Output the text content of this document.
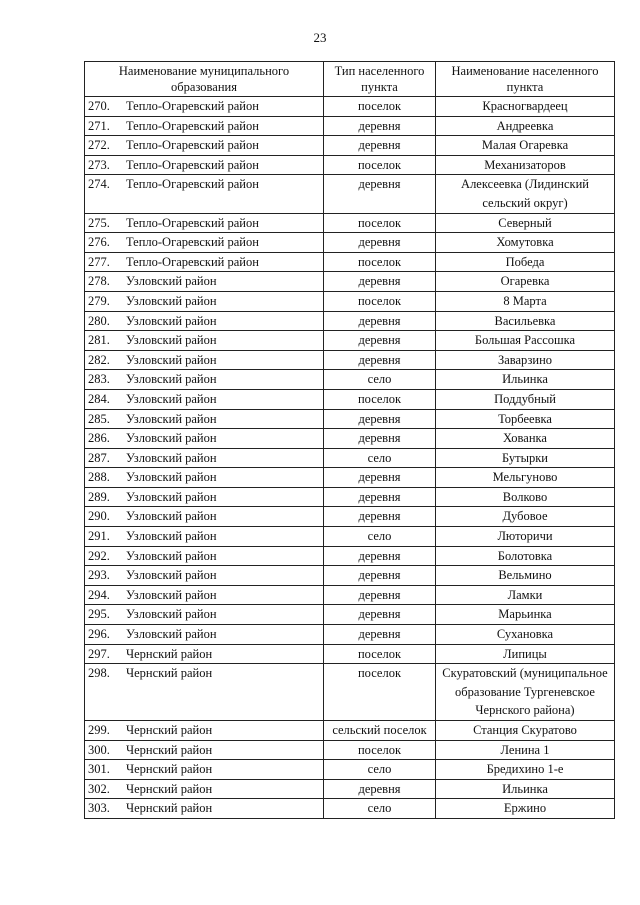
23
Наименование муниципального образования	Тип населенного пункта	Наименование населенного пункта
270. Тепло-Огаревский район	поселок	Красногвардеец
271. Тепло-Огаревский район	деревня	Андреевка
272. Тепло-Огаревский район	деревня	Малая Огаревка
273. Тепло-Огаревский район	поселок	Механизаторов
274. Тепло-Огаревский район	деревня	Алексеевка (Лидинский сельский округ)
275. Тепло-Огаревский район	поселок	Северный
276. Тепло-Огаревский район	деревня	Хомутовка
277. Тепло-Огаревский район	поселок	Победа
278. Узловский район	деревня	Огаревка
279. Узловский район	поселок	8 Марта
280. Узловский район	деревня	Васильевка
281. Узловский район	деревня	Большая Рассошка
282. Узловский район	деревня	Заварзино
283. Узловский район	село	Ильинка
284. Узловский район	поселок	Поддубный
285. Узловский район	деревня	Торбеевка
286. Узловский район	деревня	Хованка
287. Узловский район	село	Бутырки
288. Узловский район	деревня	Мельгуново
289. Узловский район	деревня	Волково
290. Узловский район	деревня	Дубовое
291. Узловский район	село	Люторичи
292. Узловский район	деревня	Болотовка
293. Узловский район	деревня	Вельмино
294. Узловский район	деревня	Ламки
295. Узловский район	деревня	Марьинка
296. Узловский район	деревня	Сухановка
297. Чернский район	поселок	Липицы
298. Чернский район	поселок	Скуратовский (муниципальное образование Тургеневское Чернского района)
299. Чернский район	сельский поселок	Станция Скуратово
300. Чернский район	поселок	Ленина 1
301. Чернский район	село	Бредихино 1-е
302. Чернский район	деревня	Ильинка
303. Чернский район	село	Ержино
